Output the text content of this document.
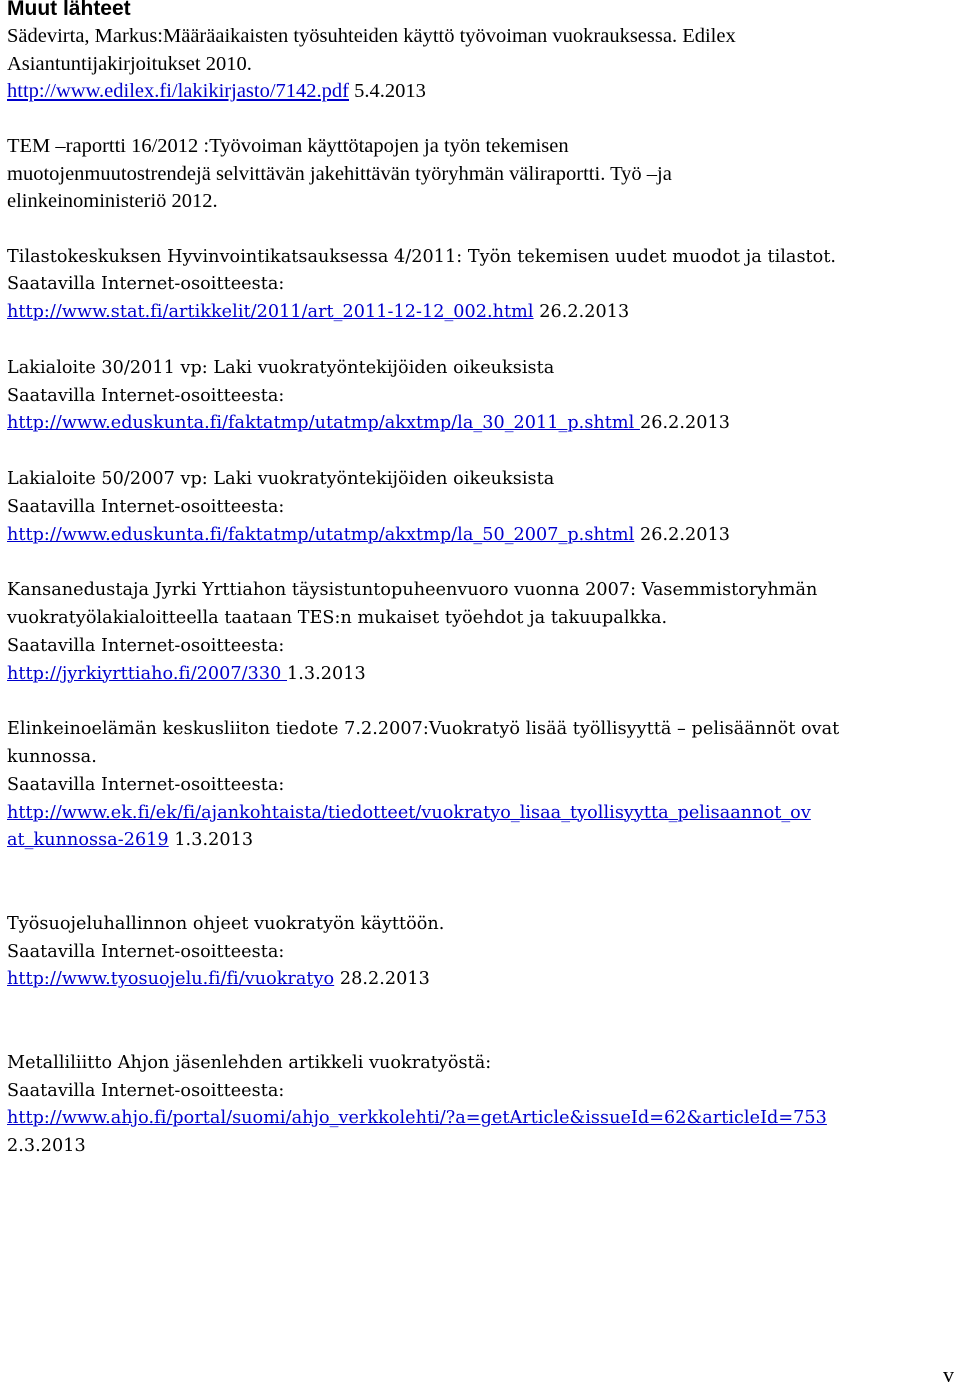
Muut lähteet
Sädevirta, Markus:Määräaikaisten työsuhteiden käyttö työvoiman vuokrauksessa. Edilex
Asiantuntijakirjoitukset 2010.
http://www.edilex.fi/lakikirjasto/7142.pdf 5.4.2013
TEM –raportti 16/2012 :Työvoiman käyttötapojen ja työn tekemisen
muotojenmuutostrendejä selvittävän jakehittävän työryhmän väliraportti. Työ –ja
elinkeinoministeriö 2012.
Tilastokeskuksen Hyvinvointikatsauksessa 4/2011: Työn tekemisen uudet muodot ja tilastot.
Saatavilla Internet-osoitteesta:
http://www.stat.fi/artikkelit/2011/art_2011-12-12_002.html 26.2.2013
Lakialoite 30/2011 vp: Laki vuokratyöntekijöiden oikeuksista
Saatavilla Internet-osoitteesta:
http://www.eduskunta.fi/faktatmp/utatmp/akxtmp/la_30_2011_p.shtml 26.2.2013
Lakialoite 50/2007 vp: Laki vuokratyöntekijöiden oikeuksista
Saatavilla Internet-osoitteesta:
http://www.eduskunta.fi/faktatmp/utatmp/akxtmp/la_50_2007_p.shtml 26.2.2013
Kansanedustaja Jyrki Yrttiahon täysistuntopuheenvuoro vuonna 2007: Vasemmistoryhmän
vuokratyölakialoitteella taataan TES:n mukaiset työehdot ja takuupalkka.
Saatavilla Internet-osoitteesta:
http://jyrkiyrttiaho.fi/2007/330 1.3.2013
Elinkeinoelämän keskusliiton tiedote 7.2.2007:Vuokratyö lisää työllisyyttä – pelisäännöt ovat
kunnossa.
Saatavilla Internet-osoitteesta:
http://www.ek.fi/ek/fi/ajankohtaista/tiedotteet/vuokratyo_lisaa_tyollisyytta_pelisaannot_ov
at_kunnossa-2619 1.3.2013
Työsuojeluhallinnon ohjeet vuokratyön käyttöön.
Saatavilla Internet-osoitteesta:
http://www.tyosuojelu.fi/fi/vuokratyo 28.2.2013
Metalliliitto Ahjon jäsenlehden artikkeli vuokratyöstä:
Saatavilla Internet-osoitteesta:
http://www.ahjo.fi/portal/suomi/ahjo_verkkolehti/?a=getArticle&issueId=62&articleId=753
2.3.2013
v
